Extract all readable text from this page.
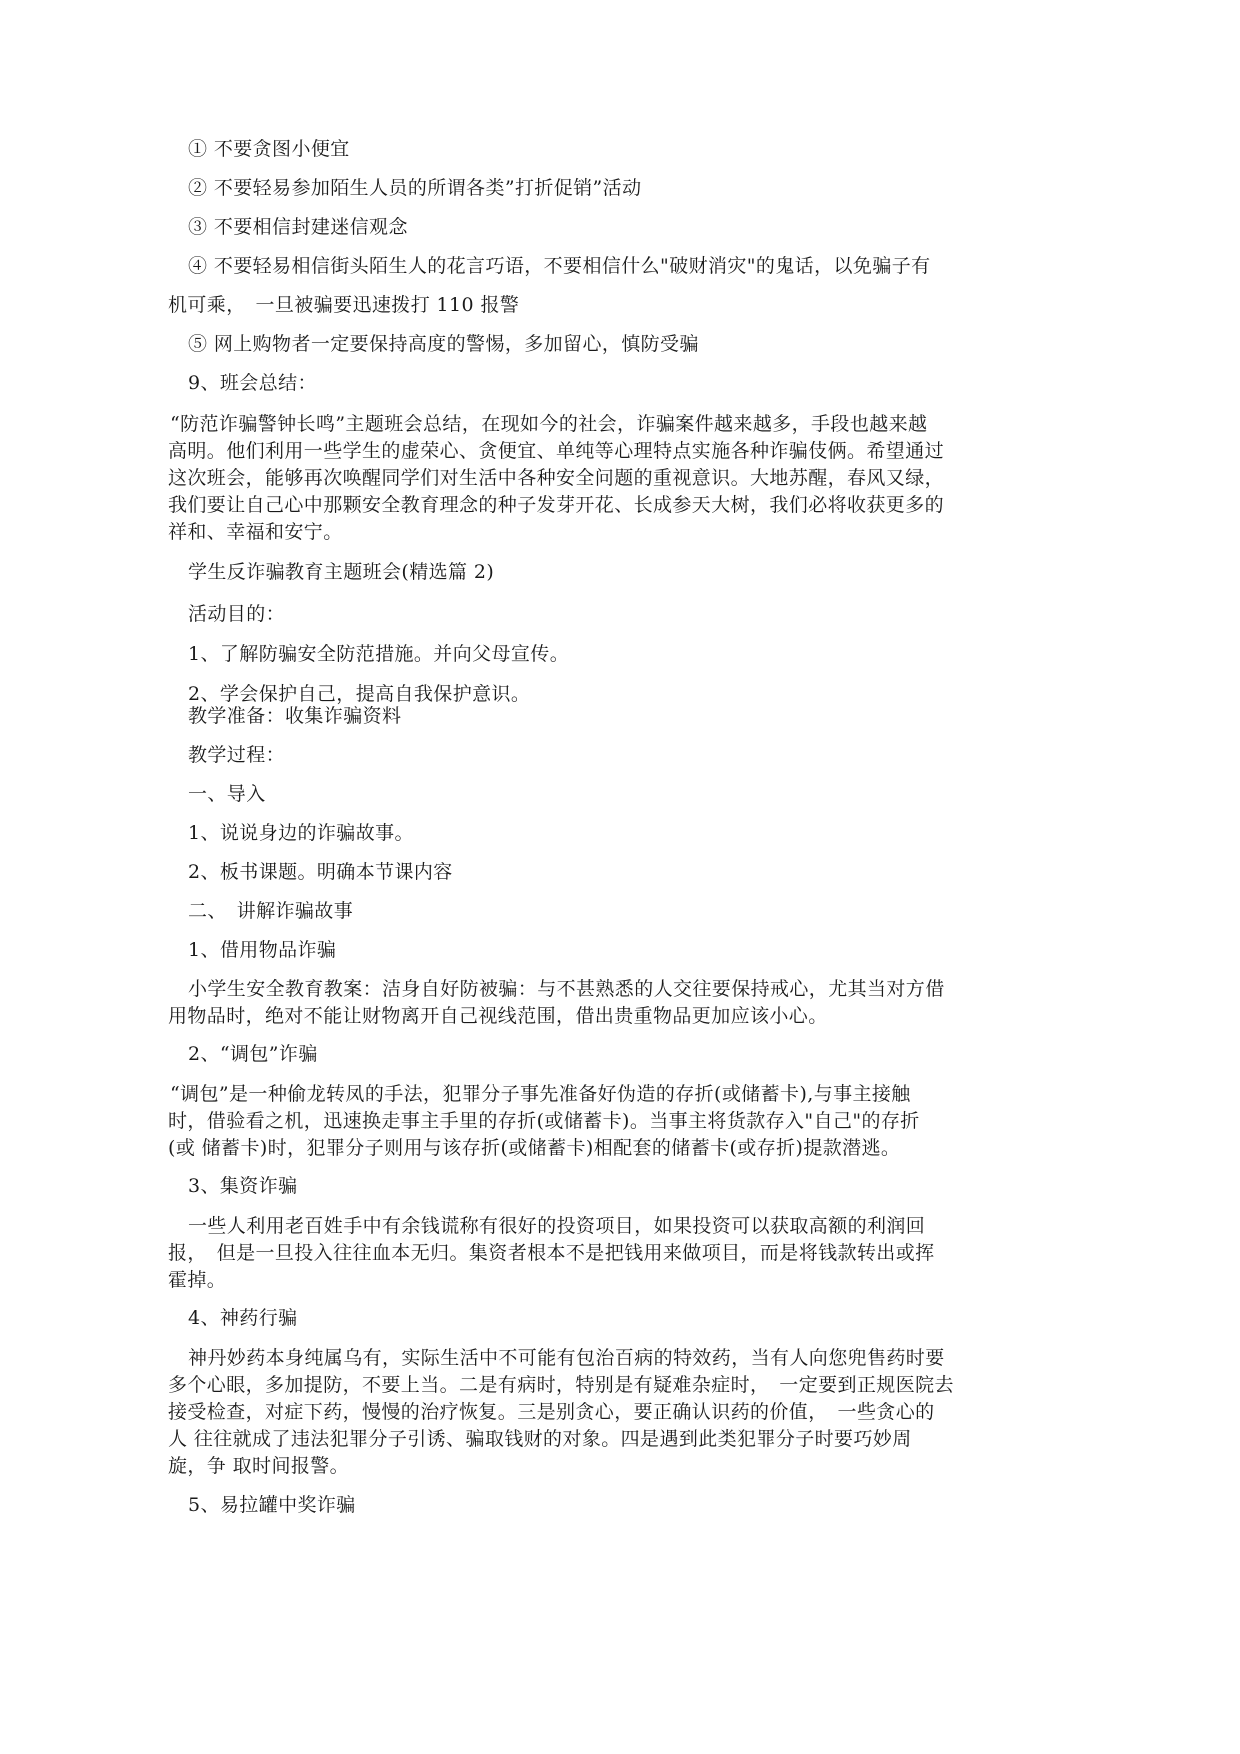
① 不要贪图小便宜
② 不要轻易参加陌生人员的所谓各类”打折促销”活动
③ 不要相信封建迷信观念
④ 不要轻易相信街头陌生人的花言巧语，不要相信什么"破财消灾"的鬼话，以免骗子有
机可乘，　一旦被骗要迅速拨打 110 报警
⑤ 网上购物者一定要保持高度的警惕，多加留心，慎防受骗
9、班会总结：
“防范诈骗警钟长鸣”主题班会总结，在现如今的社会，诈骗案件越来越多，手段也越来越
高明。他们利用一些学生的虚荣心、贪便宜、单纯等心理特点实施各种诈骗伎俩。希望通过
这次班会，能够再次唤醒同学们对生活中各种安全问题的重视意识。大地苏醒，春风又绿，
我们要让自己心中那颗安全教育理念的种子发芽开花、长成参天大树，我们必将收获更多的
祥和、幸福和安宁。
学生反诈骗教育主题班会(精选篇 2)
活动目的：
1、了解防骗安全防范措施。并向父母宣传。
2、学会保护自己，提高自我保护意识。
教学准备：收集诈骗资料
教学过程：
一、导入
1、说说身边的诈骗故事。
2、板书课题。明确本节课内容
二、　讲解诈骗故事
1、借用物品诈骗
小学生安全教育教案：洁身自好防被骗：与不甚熟悉的人交往要保持戒心，尤其当对方借
用物品时，绝对不能让财物离开自己视线范围，借出贵重物品更加应该小心。
2、“调包”诈骗
“调包”是一种偷龙转凤的手法，犯罪分子事先准备好伪造的存折(或储蓄卡),与事主接触
时，借验看之机，迅速换走事主手里的存折(或储蓄卡)。当事主将货款存入"自己"的存折
(或 储蓄卡)时，犯罪分子则用与该存折(或储蓄卡)相配套的储蓄卡(或存折)提款潜逃。
3、集资诈骗
一些人利用老百姓手中有余钱谎称有很好的投资项目，如果投资可以获取高额的利润回
报，　但是一旦投入往往血本无归。集资者根本不是把钱用来做项目，而是将钱款转出或挥
霍掉。
4、神药行骗
神丹妙药本身纯属乌有，实际生活中不可能有包治百病的特效药，当有人向您兜售药时要
多个心眼，多加提防，不要上当。二是有病时，特别是有疑难杂症时，　一定要到正规医院去
接受检查，对症下药，慢慢的治疗恢复。三是别贪心，要正确认识药的价值，　一些贪心的
人 往往就成了违法犯罪分子引诱、骗取钱财的对象。四是遇到此类犯罪分子时要巧妙周
旋，争 取时间报警。
5、易拉罐中奖诈骗
